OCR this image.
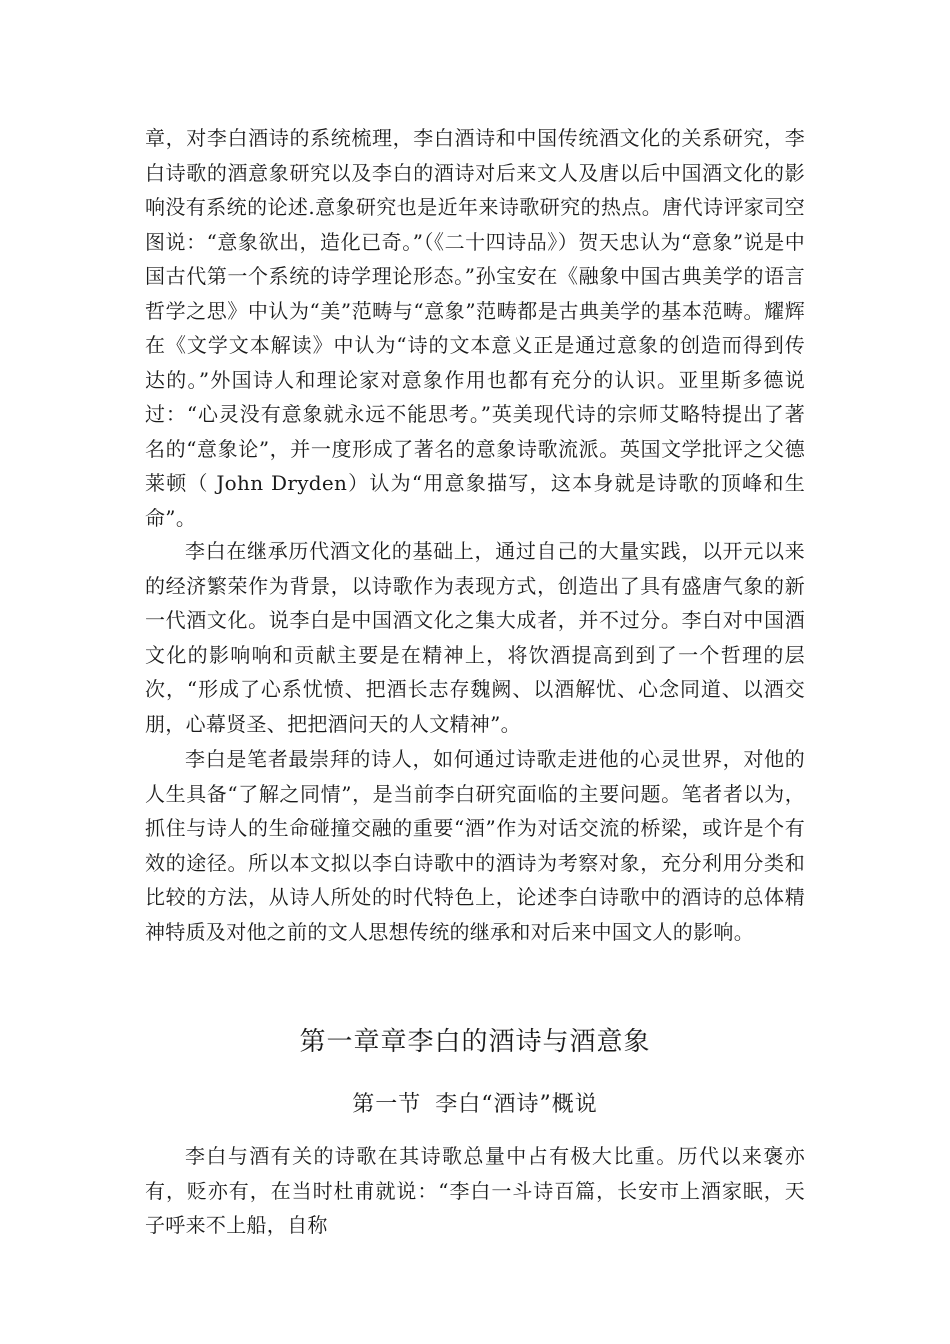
章，对李白酒诗的系统梳理，李白酒诗和中国传统酒文化的关系研究，李白诗歌的酒意象研究以及李白的酒诗对后来文人及唐以后中国酒文化的影响没有系统的论述.意象研究也是近年来诗歌研究的热点。唐代诗评家司空图说：“意象欲出，造化已奇。”（《二十四诗品》）贺天忠认为“意象”说是中国古代第一个系统的诗学理论形态。”孙宝安在《融象中国古典美学的语言哲学之思》中认为“美”范畴与“意象”范畴都是古典美学的基本范畴。耀辉在《文学文本解读》中认为“诗的文本意义正是通过意象的创造而得到传达的。”外国诗人和理论家对意象作用也都有充分的认识。亚里斯多德说过：“心灵没有意象就永远不能思考。”英美现代诗的宗师艾略特提出了著名的“意象论”，并一度形成了著名的意象诗歌流派。英国文学批评之父德莱顿（ John Dryden）认为“用意象描写，这本身就是诗歌的顶峰和生命”。

李白在继承历代酒文化的基础上，通过自己的大量实践，以开元以来的经济繁荣作为背景，以诗歌作为表现方式，创造出了具有盛唐气象的新一代酒文化。说李白是中国酒文化之集大成者，并不过分。李白对中国酒文化的影响响和贡献主要是在精神上，将饮酒提高到到了一个哲理的层次，“形成了心系忧愤、把酒长志存魏阙、以酒解忧、心念同道、以酒交朋，心幕贤圣、把把酒问天的人文精神”。

李白是笔者最崇拜的诗人，如何通过诗歌走进他的心灵世界，对他的人生具备“了解之同情”，是当前李白研究面临的主要问题。笔者者以为，抓住与诗人的生命碰撞交融的重要“酒”作为对话交流的桥梁，或许是个有效的途径。所以本文拟以李白诗歌中的酒诗为考察对象，充分利用分类和比较的方法，从诗人所处的时代特色上，论述李白诗歌中的酒诗的总体精神特质及对他之前的文人思想传统的继承和对后来中国文人的影响。

第一章章李白的酒诗与酒意象
第一节 李白“酒诗”概说

李白与酒有关的诗歌在其诗歌总量中占有极大比重。历代以来褒亦有，贬亦有，在当时杜甫就说：“李白一斗诗百篇，长安市上酒家眠，天子呼来不上船，自称
